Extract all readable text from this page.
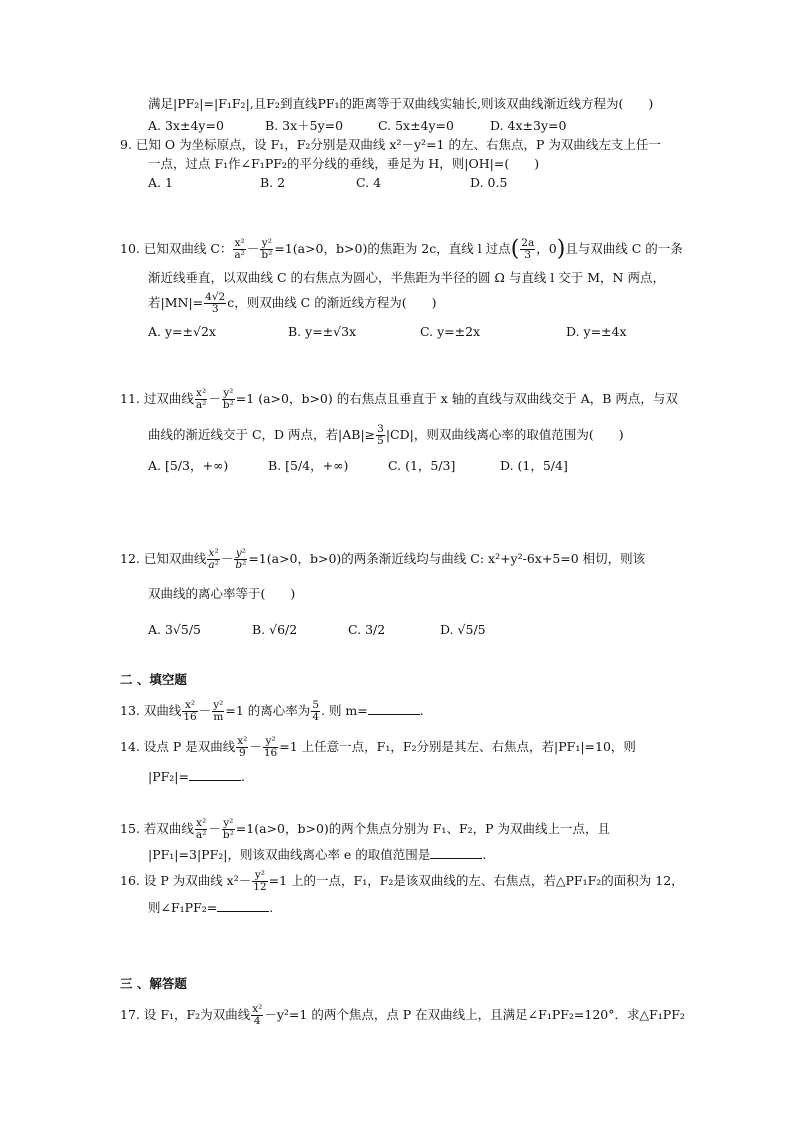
满足|PF₂|=|F₁F₂|,且F₂到直线PF₁的距离等于双曲线实轴长,则该双曲线渐近线方程为(　　)
A. 3x±4y=0	B. 3x＋5y=0	C. 5x±4y=0	D. 4x±3y=0
9. 已知 O 为坐标原点，设 F₁，F₂分别是双曲线 x²－y²=1 的左、右焦点，P 为双曲线左支上任一
一点，过点 F₁作∠F₁PF₂的平分线的垂线，垂足为 H，则|OH|=(　　)
A. 1	B. 2	C. 4	D. 0.5
10. 已知双曲线 C： $\frac{\text{x²}}{\text{a²}} - \frac{\text{y²}}{\text{b²}} =1(a>0$，b>0)的焦距为 2c，直线 l 过点( $\frac{2a}{3}$ ，0)且与双曲线 C 的一条
渐近线垂直，以双曲线 C 的右焦点为圆心，半焦距为半径的圆 Ω 与直线 l 交于 M，N 两点，
若$|MN|= \frac{4√2}{3}$ c，则双曲线 C 的渐近线方程为(　　)
A. y=±√2x	B. y=±√3x	C. y=±2x	D. y=±4x
11. 过双曲线 $\frac{\text{x²}}{\text{a²}} - \frac{\text{y²}}{\text{b²}} =1$ (a>0，b>0) 的右焦点且垂直于 x 轴的直线与双曲线交于 A，B 两点，与双
曲线的渐近线交于 C，D 两点，若$|AB|\ge \frac{3}{5} |CD|$，则双曲线离心率的取值范围为(　　)
A. [5/3，+∞)	B. [5/4，+∞)	C. (1，5/3]	D. (1，5/4]
12. 已知双曲线 $\frac{\text{x²}}{\text{a²}} - \frac{\text{y²}}{\text{b²}} =1(a>0$，b>0)的两条渐近线均与曲线 C: x²+y²-6x+5=0 相切，则该
双曲线的离心率等于(　　)
A. 3√5/5	B. √6/2	C. 3/2	D. √5/5
二 、填空题
13. 双曲线 $\frac{\text{x²}}{16} - \frac{\text{y²}}{m} =1$ 的离心率为 $\frac{5}{4}$ . 则 m=	.
14. 设点 P 是双曲线 $\frac{\text{x²}}{9} - \frac{\text{y²}}{16} =1$ 上任意一点，F₁，F₂分别是其左、右焦点，若|PF₁|=10，则
|PF₂|=	.
15. 若双曲线 $\frac{\text{x²}}{\text{a²}} - \frac{\text{y²}}{\text{b²}} =1(a>0$，b>0)的两个焦点分别为 F₁、F₂，P 为双曲线上一点，且
|PF₁|=3|PF₂|，则该双曲线离心率 e 的取值范围是	.
16. 设 P 为双曲线 $x^2- \frac{\text{y²}}{12} =1$ 上的一点，F₁，F₂是该双曲线的左、右焦点，若△PF₁F₂的面积为 12，
则∠F₁PF₂=	.
三 、解答题
17. 设 F₁，F₂为双曲线 $\frac{\text{x²}}{4} -y^2=1$ 的两个焦点，点 P 在双曲线上，且满足∠F₁PF₂=120°．求△F₁PF₂
